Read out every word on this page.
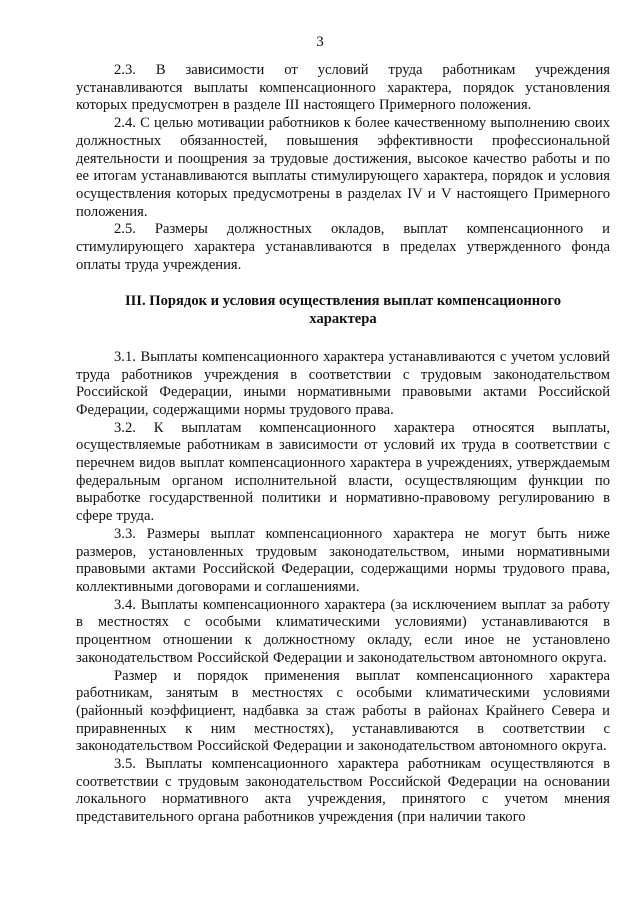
3

2.3. В зависимости от условий труда работникам учреждения устанавливаются выплаты компенсационного характера, порядок установления которых предусмотрен в разделе III настоящего Примерного положения.

2.4. С целью мотивации работников к более качественному выполнению своих должностных обязанностей, повышения эффективности профессиональной деятельности и поощрения за трудовые достижения, высокое качество работы и по ее итогам устанавливаются выплаты стимулирующего характера, порядок и условия осуществления которых предусмотрены в разделах IV и V настоящего Примерного положения.

2.5. Размеры должностных окладов, выплат компенсационного и стимулирующего характера устанавливаются в пределах утвержденного фонда оплаты труда учреждения.

III. Порядок и условия осуществления выплат компенсационного характера

3.1. Выплаты компенсационного характера устанавливаются с учетом условий труда работников учреждения в соответствии с трудовым законодательством Российской Федерации, иными нормативными правовыми актами Российской Федерации, содержащими нормы трудового права.

3.2. К выплатам компенсационного характера относятся выплаты, осуществляемые работникам в зависимости от условий их труда в соответствии с перечнем видов выплат компенсационного характера в учреждениях, утверждаемым федеральным органом исполнительной власти, осуществляющим функции по выработке государственной политики и нормативно-правовому регулированию в сфере труда.

3.3. Размеры выплат компенсационного характера не могут быть ниже размеров, установленных трудовым законодательством, иными нормативными правовыми актами Российской Федерации, содержащими нормы трудового права, коллективными договорами и соглашениями.

3.4. Выплаты компенсационного характера (за исключением выплат за работу в местностях с особыми климатическими условиями) устанавливаются в процентном отношении к должностному окладу, если иное не установлено законодательством Российской Федерации и законодательством автономного округа.

Размер и порядок применения выплат компенсационного характера работникам, занятым в местностях с особыми климатическими условиями (районный коэффициент, надбавка за стаж работы в районах Крайнего Севера и приравненных к ним местностях), устанавливаются в соответствии с законодательством Российской Федерации и законодательством автономного округа.

3.5. Выплаты компенсационного характера работникам осуществляются в соответствии с трудовым законодательством Российской Федерации на основании локального нормативного акта учреждения, принятого с учетом мнения представительного органа работников учреждения (при наличии такого
